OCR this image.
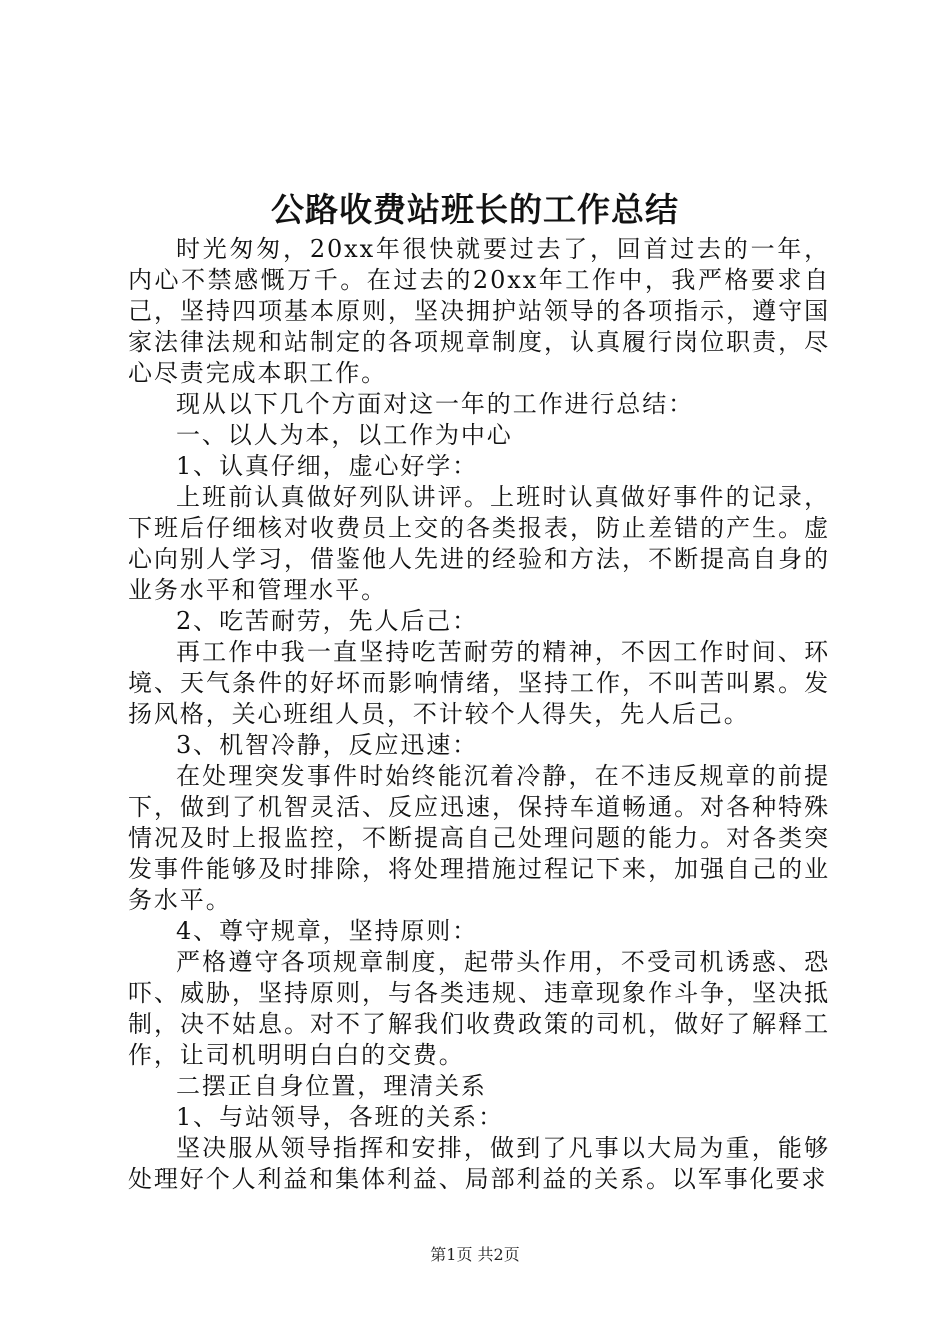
公路收费站班长的工作总结

时光匆匆，20xx年很快就要过去了，回首过去的一年，内心不禁感慨万千。在过去的20xx年工作中，我严格要求自己，坚持四项基本原则，坚决拥护站领导的各项指示，遵守国家法律法规和站制定的各项规章制度，认真履行岗位职责，尽心尽责完成本职工作。

现从以下几个方面对这一年的工作进行总结：

一、以人为本，以工作为中心

1、认真仔细，虚心好学：

上班前认真做好列队讲评。上班时认真做好事件的记录，下班后仔细核对收费员上交的各类报表，防止差错的产生。虚心向别人学习，借鉴他人先进的经验和方法，不断提高自身的业务水平和管理水平。

2、吃苦耐劳，先人后己：

再工作中我一直坚持吃苦耐劳的精神，不因工作时间、环境、天气条件的好坏而影响情绪，坚持工作，不叫苦叫累。发扬风格，关心班组人员，不计较个人得失，先人后己。

3、机智冷静，反应迅速：

在处理突发事件时始终能沉着冷静，在不违反规章的前提下，做到了机智灵活、反应迅速，保持车道畅通。对各种特殊情况及时上报监控，不断提高自己处理问题的能力。对各类突发事件能够及时排除，将处理措施过程记下来，加强自己的业务水平。

4、尊守规章，坚持原则：

严格遵守各项规章制度，起带头作用，不受司机诱惑、恐吓、威胁，坚持原则，与各类违规、违章现象作斗争，坚决抵制，决不姑息。对不了解我们收费政策的司机，做好了解释工作，让司机明明白白的交费。

二摆正自身位置，理清关系

1、与站领导，各班的关系：

坚决服从领导指挥和安排，做到了凡事以大局为重，能够处理好个人利益和集体利益、局部利益的关系。以军事化要求

第1页 共2页
